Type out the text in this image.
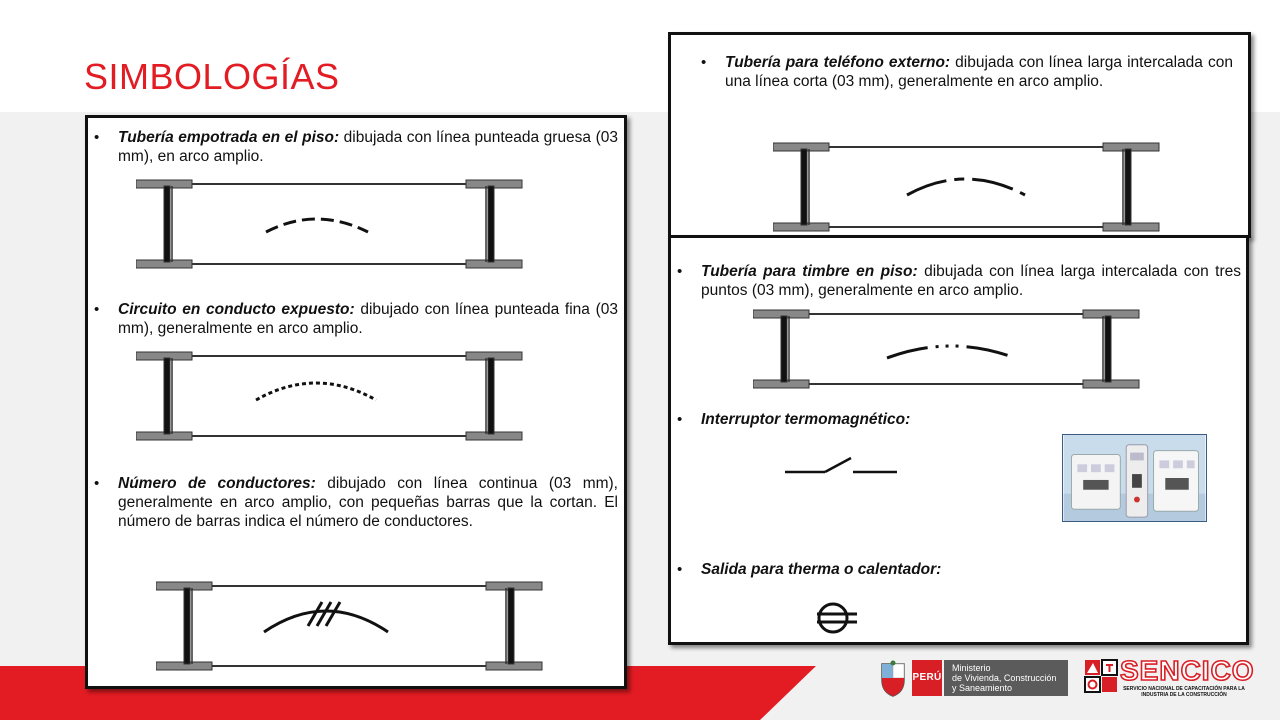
SIMBOLOGÍAS
• Tubería empotrada en el piso: dibujada con línea punteada gruesa (03 mm), en arco amplio.
• Circuito en conducto expuesto: dibujado con línea punteada fina (03 mm), generalmente en arco amplio.
• Número de conductores: dibujado con línea continua (03 mm), generalmente en arco amplio, con pequeñas barras que la cortan. El número de barras indica el número de conductores.
• Tubería para teléfono externo: dibujada con línea larga intercalada con una línea corta (03 mm), generalmente en arco amplio.
• Tubería para timbre en piso: dibujada con línea larga intercalada con tres puntos (03 mm), generalmente en arco amplio.
• Interruptor termomagnético:
• Salida para therma o calentador:
PERÚ
Ministerio
de Vivienda, Construcción
y Saneamiento
SENCICO
SERVICIO NACIONAL DE CAPACITACIÓN PARA LA INDUSTRIA DE LA CONSTRUCCIÓN
